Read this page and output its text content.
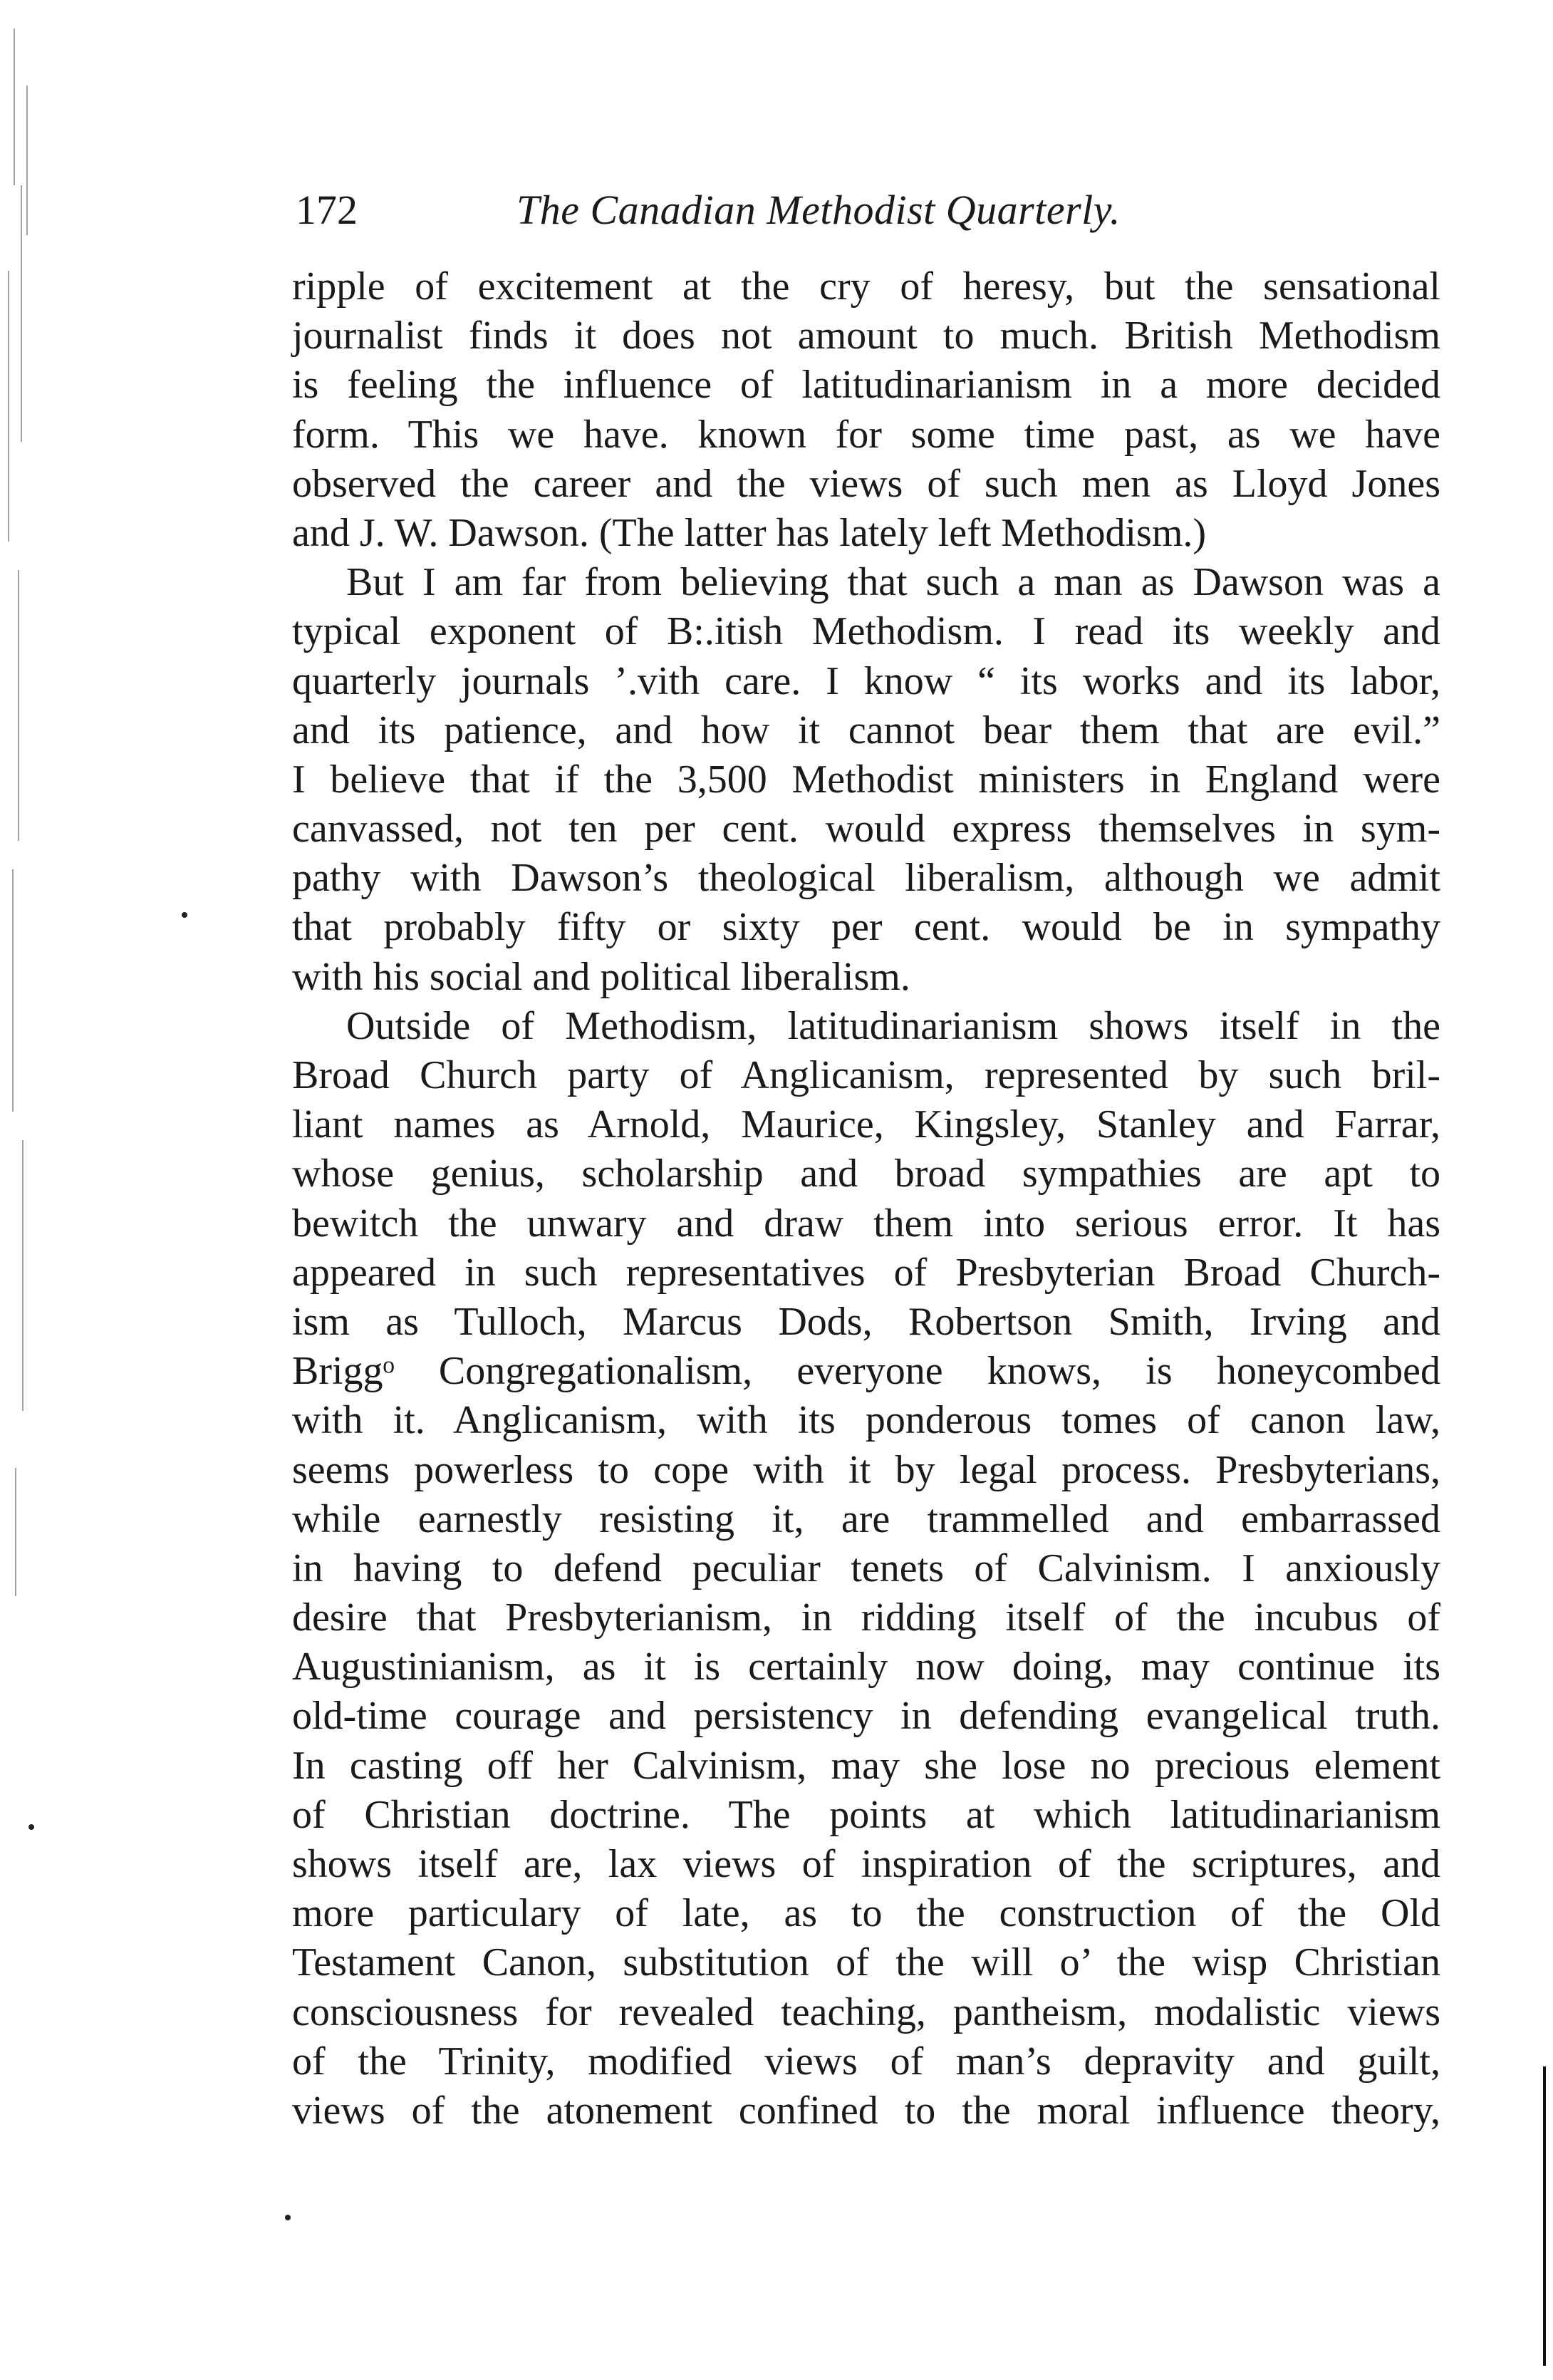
172	The Canadian Methodist Quarterly.
ripple of excitement at the cry of heresy, but the sensational
journalist finds it does not amount to much. British Methodism
is feeling the influence of latitudinarianism in a more decided
form. This we have. known for some time past, as we have
observed the career and the views of such men as Lloyd Jones
and J. W. Dawson. (The latter has lately left Methodism.)
But I am far from believing that such a man as Dawson was a
typical exponent of B:.itish Methodism. I read its weekly and
quarterly journals ’.vith care. I know “ its works and its labor,
and its patience, and how it cannot bear them that are evil.”
I believe that if the 3,500 Methodist ministers in England were
canvassed, not ten per cent. would express themselves in sym-
pathy with Dawson’s theological liberalism, although we admit
that probably fifty or sixty per cent. would be in sympathy
with his social and political liberalism.
Outside of Methodism, latitudinarianism shows itself in the
Broad Church party of Anglicanism, represented by such bril-
liant names as Arnold, Maurice, Kingsley, Stanley and Farrar,
whose genius, scholarship and broad sympathies are apt to
bewitch the unwary and draw them into serious error. It has
appeared in such representatives of Presbyterian Broad Church-
ism as Tulloch, Marcus Dods, Robertson Smith, Irving and
Briggᵒ Congregationalism, everyone knows, is honeycombed
with it. Anglicanism, with its ponderous tomes of canon law,
seems powerless to cope with it by legal process. Presbyterians,
while earnestly resisting it, are trammelled and embarrassed
in having to defend peculiar tenets of Calvinism. I anxiously
desire that Presbyterianism, in ridding itself of the incubus of
Augustinianism, as it is certainly now doing, may continue its
old-time courage and persistency in defending evangelical truth.
In casting off her Calvinism, may she lose no precious element
of Christian doctrine. The points at which latitudinarianism
shows itself are, lax views of inspiration of the scriptures, and
more particulary of late, as to the construction of the Old
Testament Canon, substitution of the will o’ the wisp Christian
consciousness for revealed teaching, pantheism, modalistic views
of the Trinity, modified views of man’s depravity and guilt,
views of the atonement confined to the moral influence theory,
